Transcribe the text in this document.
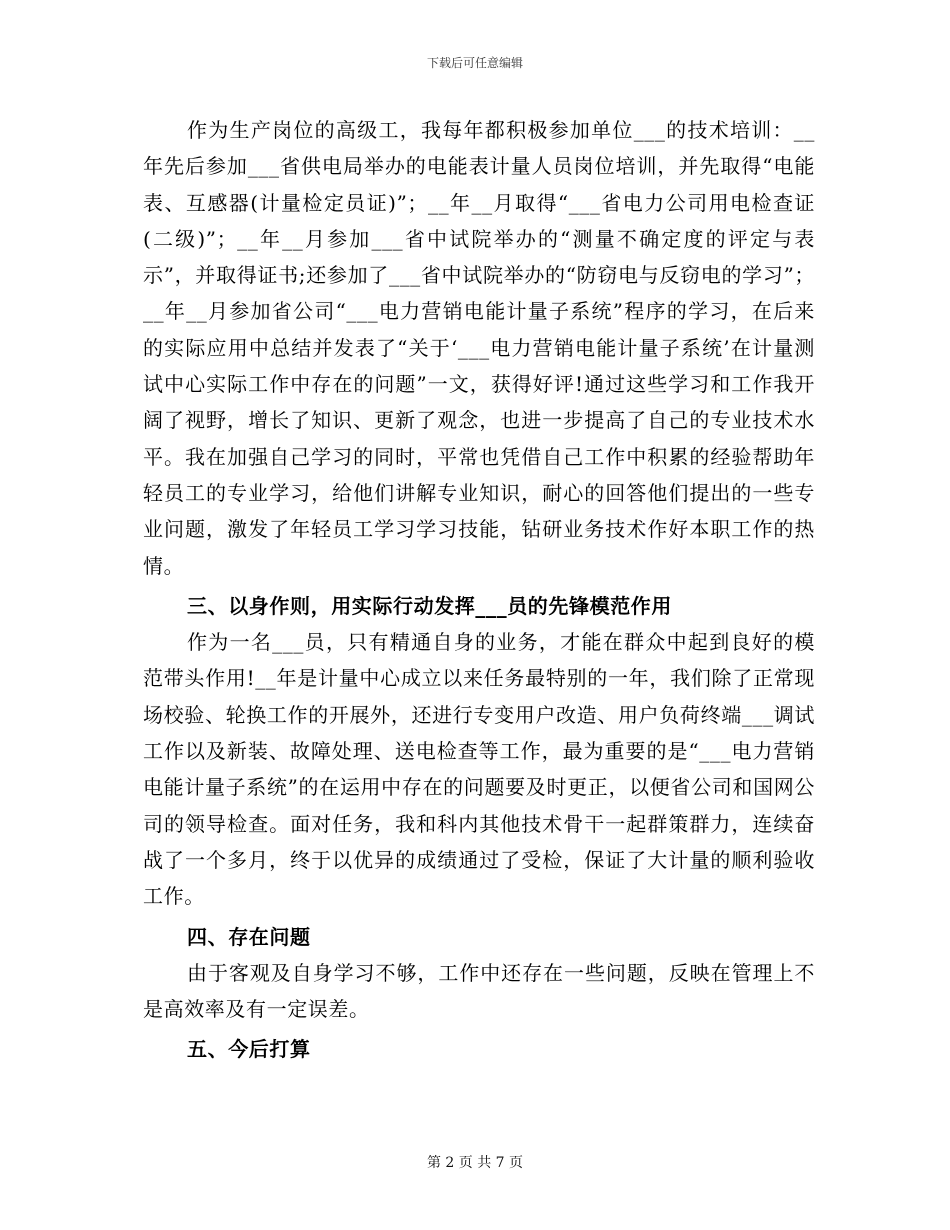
下载后可任意编辑

作为生产岗位的高级工，我每年都积极参加单位___的技术培训：__年先后参加___省供电局举办的电能表计量人员岗位培训，并先取得“电能表、互感器(计量检定员证)”；__年__月取得“___省电力公司用电检查证(二级)”；__年__月参加___省中试院举办的“测量不确定度的评定与表示”，并取得证书;还参加了___省中试院举办的“防窃电与反窃电的学习”；__年__月参加省公司“___电力营销电能计量子系统”程序的学习，在后来的实际应用中总结并发表了“关于‘___电力营销电能计量子系统’在计量测试中心实际工作中存在的问题”一文，获得好评!通过这些学习和工作我开阔了视野，增长了知识、更新了观念，也进一步提高了自己的专业技术水平。我在加强自己学习的同时，平常也凭借自己工作中积累的经验帮助年轻员工的专业学习，给他们讲解专业知识，耐心的回答他们提出的一些专业问题，激发了年轻员工学习学习技能，钻研业务技术作好本职工作的热情。

三、以身作则，用实际行动发挥___员的先锋模范作用

作为一名___员，只有精通自身的业务，才能在群众中起到良好的模范带头作用!__年是计量中心成立以来任务最特别的一年，我们除了正常现场校验、轮换工作的开展外，还进行专变用户改造、用户负荷终端___调试工作以及新装、故障处理、送电检查等工作，最为重要的是“___电力营销电能计量子系统”的在运用中存在的问题要及时更正，以便省公司和国网公司的领导检查。面对任务，我和科内其他技术骨干一起群策群力，连续奋战了一个多月，终于以优异的成绩通过了受检，保证了大计量的顺利验收工作。

四、存在问题

由于客观及自身学习不够，工作中还存在一些问题，反映在管理上不是高效率及有一定误差。

五、今后打算

第 2 页 共 7 页
